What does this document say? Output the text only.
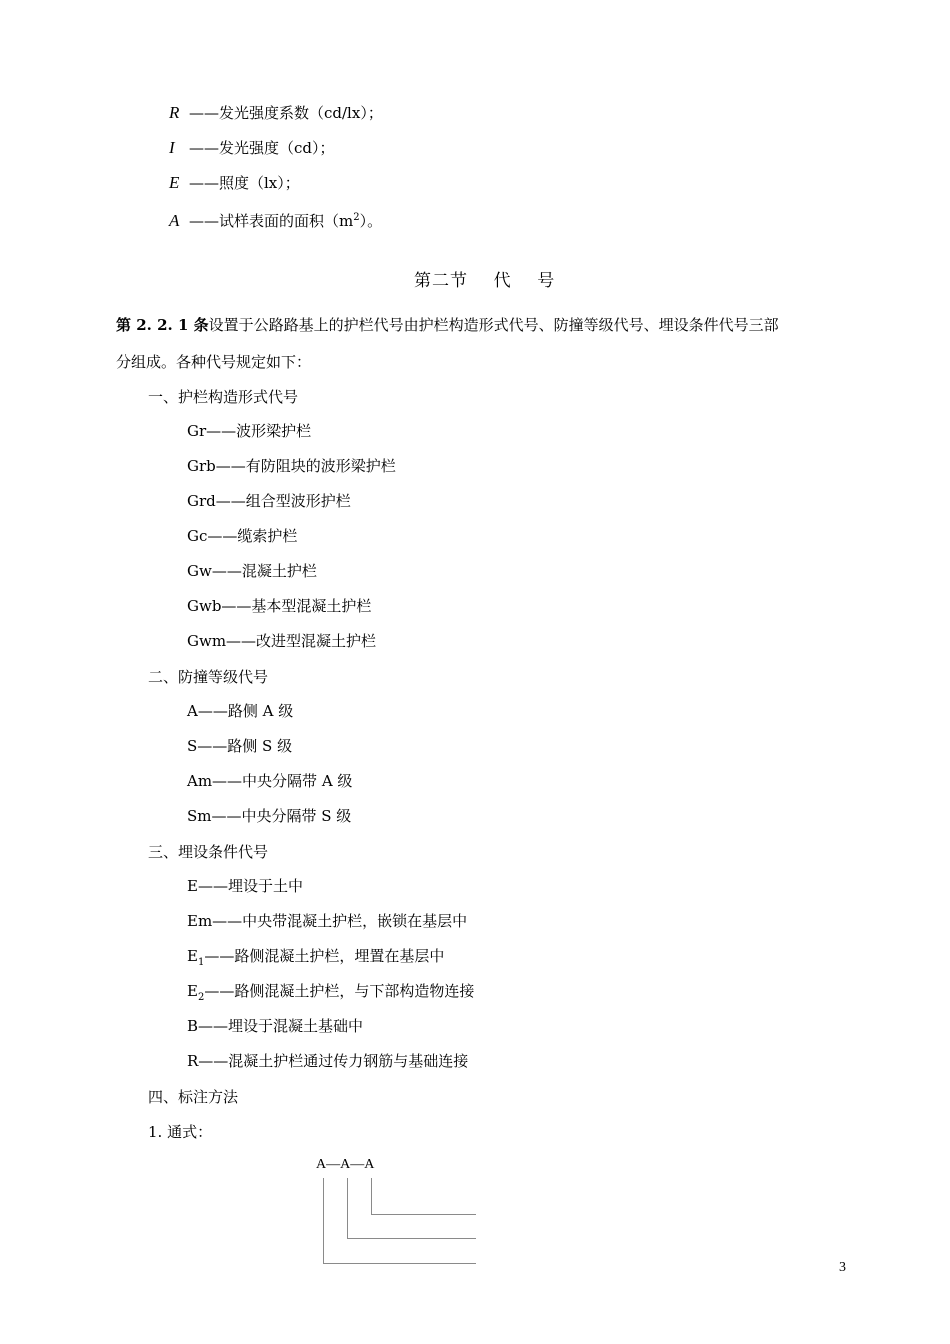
R ——发光强度系数（cd/lx）；
I ——发光强度（cd）；
E ——照度（lx）；
A ——试样表面的面积$(m^2)$。
第二节    代    号
第 2. 2. 1 条设置于公路路基上的护栏代号由护栏构造形式代号、防撞等级代号、埋设条件代号三部
分组成。各种代号规定如下：
一、护栏构造形式代号
Gr——波形梁护栏
Grb——有防阻块的波形梁护栏
Grd——组合型波形护栏
Gc——缆索护栏
Gw——混凝土护栏
Gwb——基本型混凝土护栏
Gwm——改进型混凝土护栏
二、防撞等级代号
A——路侧 A 级
S——路侧 S 级
Am——中央分隔带 A 级
Sm——中央分隔带 S 级
三、埋设条件代号
E——埋设于土中
Em——中央带混凝土护栏，嵌锁在基层中
$E_1——$路侧混凝土护栏，埋置在基层中
$E_2——$路侧混凝土护栏，与下部构造物连接
B——埋设于混凝土基础中
R——混凝土护栏通过传力钢筋与基础连接
四、标注方法
1. 通式：
A—A—A
3
